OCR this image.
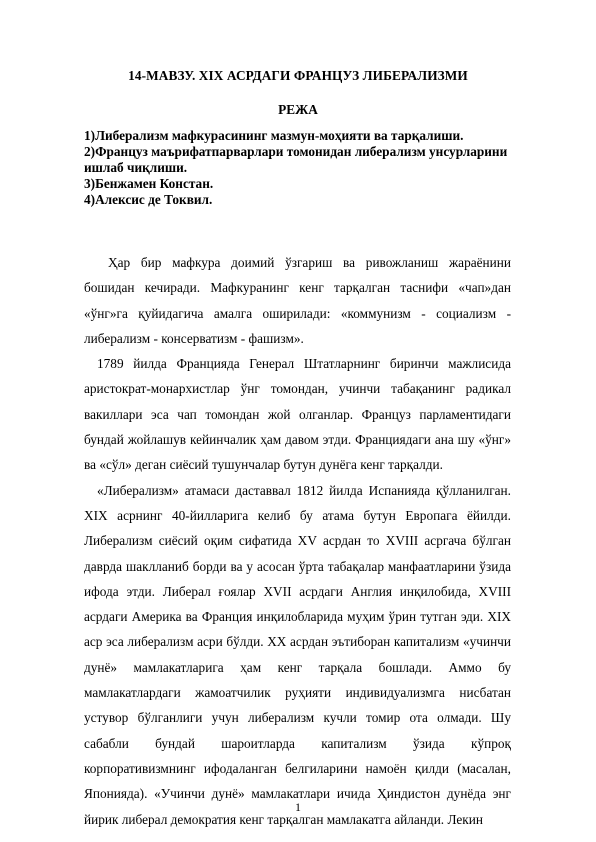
14-МАВЗУ. XIX АСРДАГИ ФРАНЦУЗ ЛИБЕРАЛИЗМИ
РЕЖА
1)Либерализм мафкурасининг мазмун-моҳияти ва тарқалиши.
2)Француз маърифатпарварлари томонидан либерализм унсурларини ишлаб чиқлиши.
3)Бенжамен Констан.
4)Алексис де Токвил.

Ҳар бир мафкура доимий ўзгариш ва ривожланиш жараёнини бошидан кечиради. Мафкуранинг кенг тарқалган таснифи «чап»дан «ўнг»га қуйидагича амалга оширилади: «коммунизм - социализм - либерализм - консерватизм - фашизм».

1789 йилда Францияда Генерал Штатларнинг биринчи мажлисида аристократ-монархистлар ўнг томондан, учинчи табақанинг радикал вакиллари эса чап томондан жой олганлар. Француз парламентидаги бундай жойлашув кейинчалик ҳам давом этди. Франциядаги ана шу «ўнг» ва «сўл» деган сиёсий тушунчалар бутун дунёга кенг тарқалди.

«Либерализм» атамаси даставвал 1812 йилда Испанияда қўлланилган. XIX асрнинг 40-йилларига келиб бу атама бутун Европага ёйилди. Либерализм сиёсий оқим сифатида XV асрдан то XVIII асргача бўлган даврда шаклланиб борди ва у асосан ўрта табақалар манфаатларини ўзида ифода этди. Либерал ғоялар XVII асрдаги Англия инқилобида, XVIII асрдаги Америка ва Франция инқилобларида муҳим ўрин тутган эди. XIX аср эса либерализм асри бўлди. XX асрдан эътиборан капитализм «учинчи дунё» мамлакатларига ҳам кенг тарқала бошлади. Аммо бу мамлакатлардаги жамоатчилик руҳияти индивидуализмга нисбатан устувор бўлганлиги учун либерализм кучли томир ота олмади. Шу сабабли бундай шароитларда капитализм ўзида кўпроқ корпоративизмнинг ифодаланган белгиларини намоён қилди (масалан, Японияда). «Учинчи дунё» мамлакатлари ичида Ҳиндистон дунёда энг йирик либерал демократия кенг тарқалган мамлакатга айланди. Лекин

1
